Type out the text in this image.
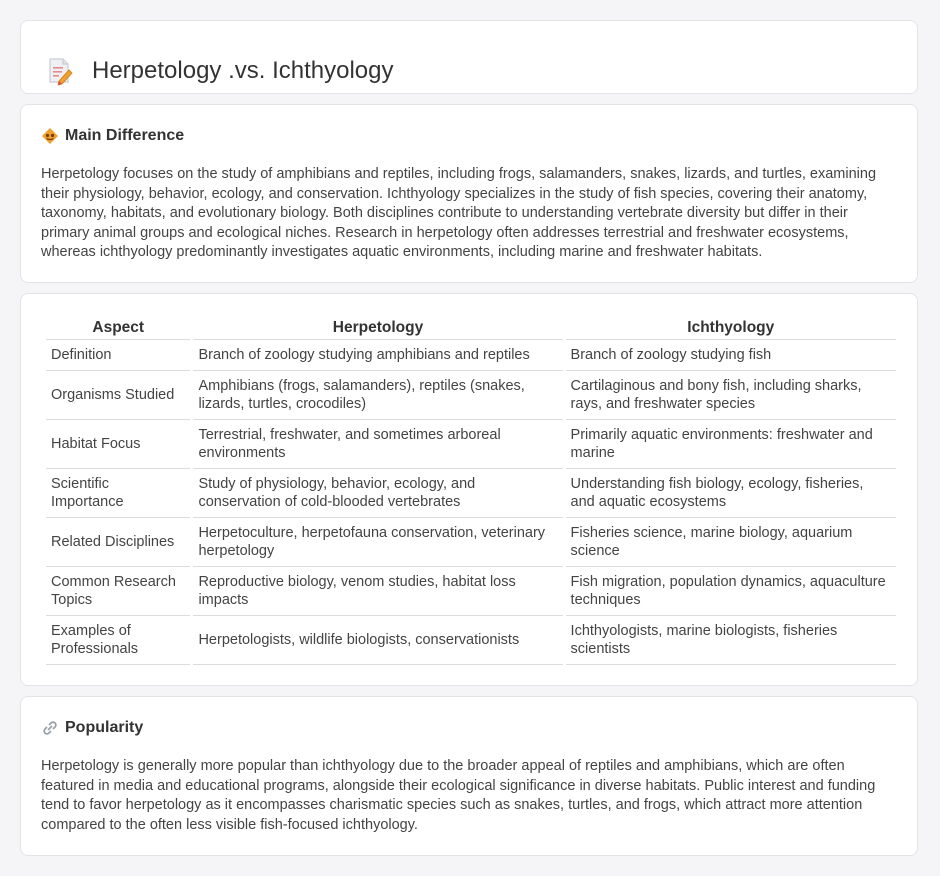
Herpetology .vs. Ichthyology
Main Difference

Herpetology focuses on the study of amphibians and reptiles, including frogs, salamanders, snakes, lizards, and turtles, examining their physiology, behavior, ecology, and conservation. Ichthyology specializes in the study of fish species, covering their anatomy, taxonomy, habitats, and evolutionary biology. Both disciplines contribute to understanding vertebrate diversity but differ in their primary animal groups and ecological niches. Research in herpetology often addresses terrestrial and freshwater ecosystems, whereas ichthyology predominantly investigates aquatic environments, including marine and freshwater habitats.

Aspect	Herpetology	Ichthyology
Definition	Branch of zoology studying amphibians and reptiles	Branch of zoology studying fish
Organisms Studied	Amphibians (frogs, salamanders), reptiles (snakes, lizards, turtles, crocodiles)	Cartilaginous and bony fish, including sharks, rays, and freshwater species
Habitat Focus	Terrestrial, freshwater, and sometimes arboreal environments	Primarily aquatic environments: freshwater and marine
Scientific Importance	Study of physiology, behavior, ecology, and conservation of cold-blooded vertebrates	Understanding fish biology, ecology, fisheries, and aquatic ecosystems
Related Disciplines	Herpetoculture, herpetofauna conservation, veterinary herpetology	Fisheries science, marine biology, aquarium science
Common Research Topics	Reproductive biology, venom studies, habitat loss impacts	Fish migration, population dynamics, aquaculture techniques
Examples of Professionals	Herpetologists, wildlife biologists, conservationists	Ichthyologists, marine biologists, fisheries scientists
Popularity

Herpetology is generally more popular than ichthyology due to the broader appeal of reptiles and amphibians, which are often featured in media and educational programs, alongside their ecological significance in diverse habitats. Public interest and funding tend to favor herpetology as it encompasses charismatic species such as snakes, turtles, and frogs, which attract more attention compared to the often less visible fish-focused ichthyology.
